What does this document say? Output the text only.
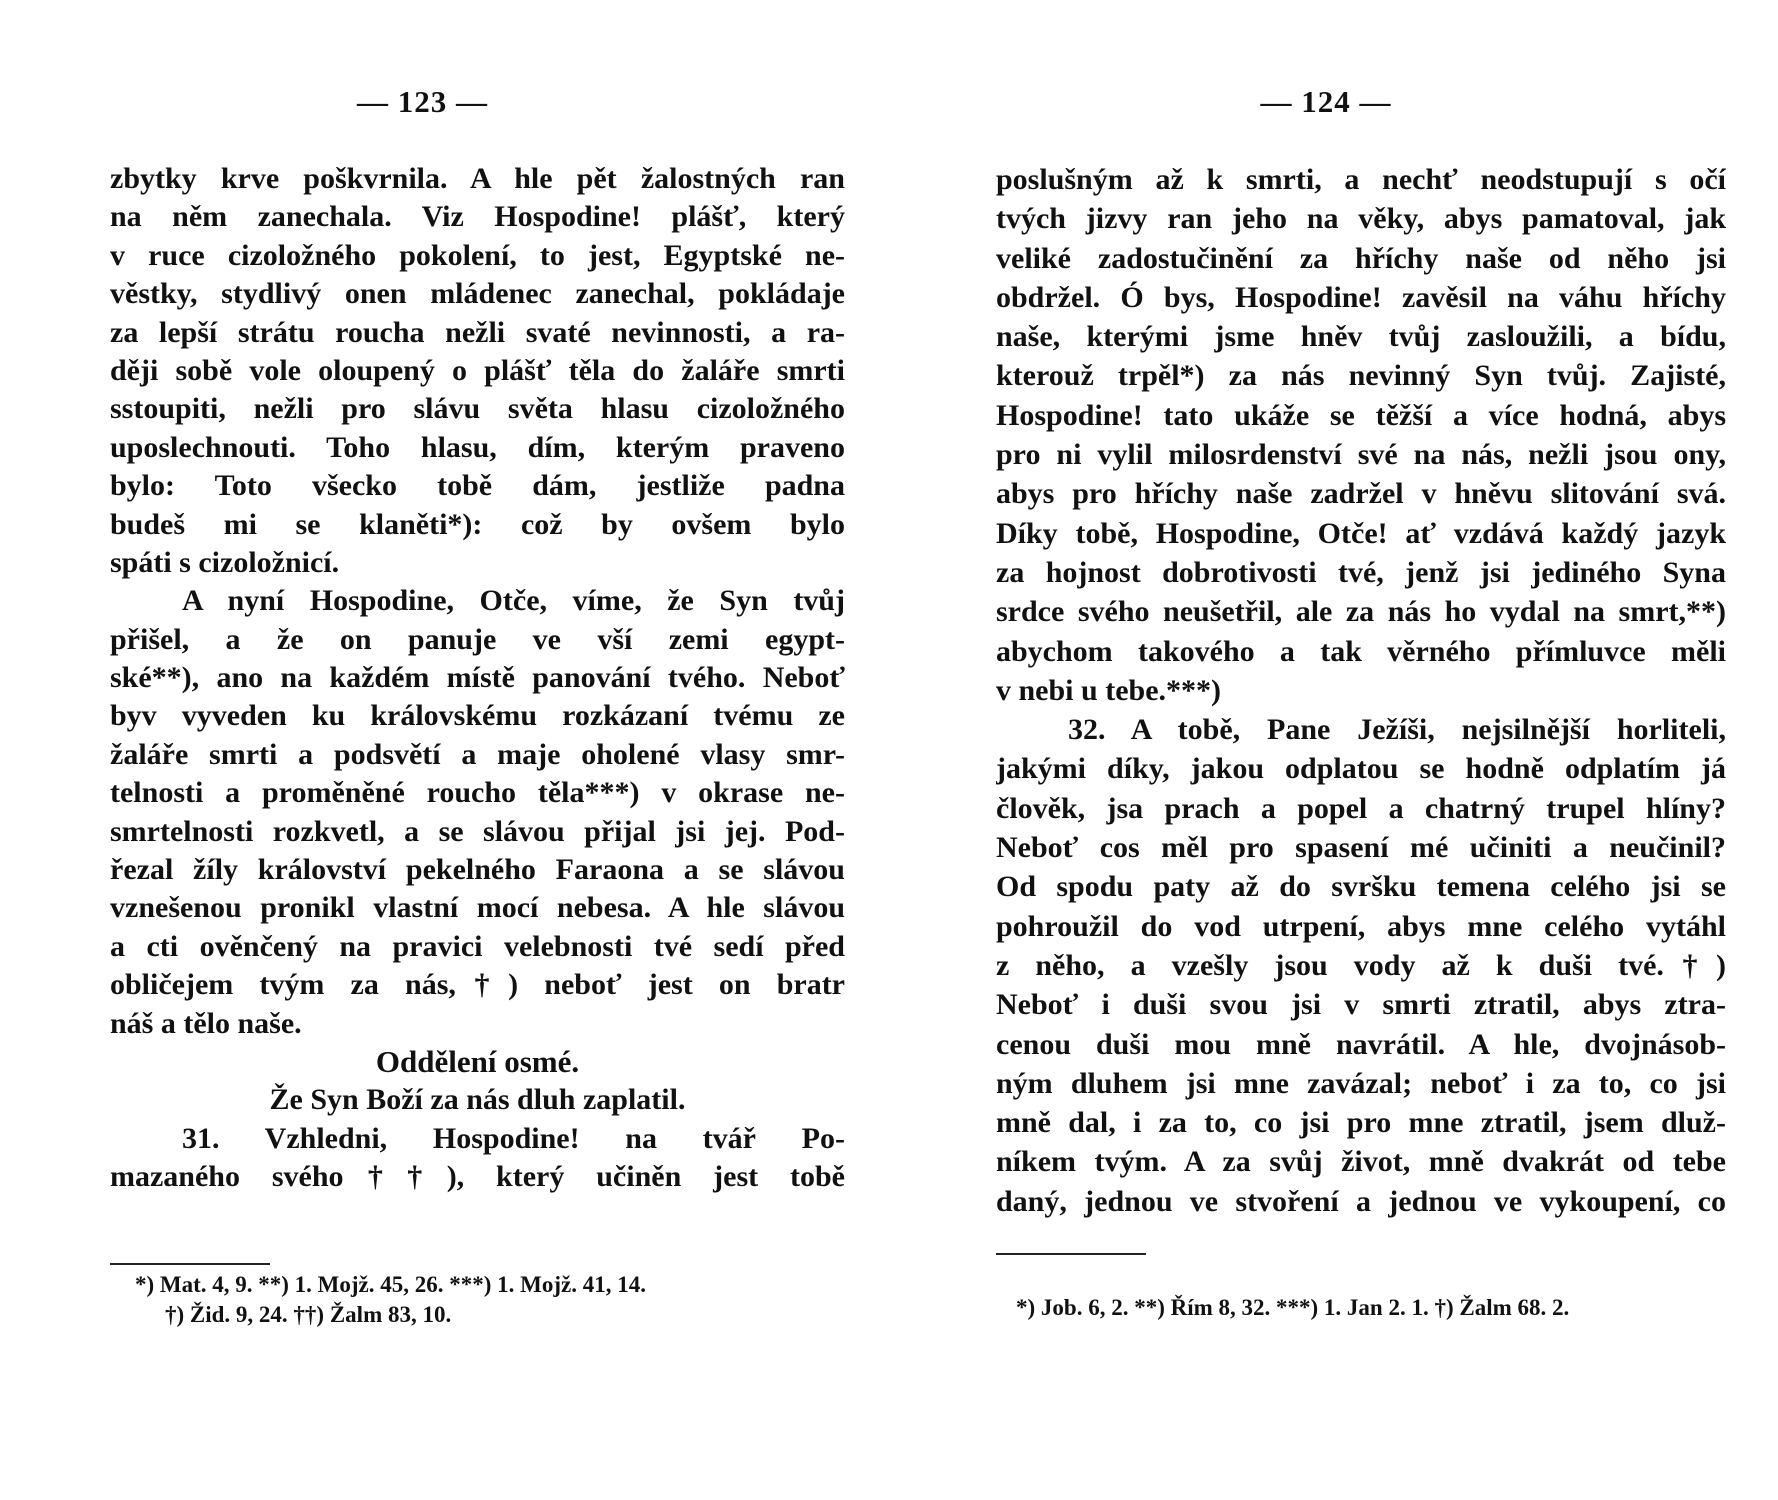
— 123 —
zbytky krve poškvrnila. A hle pět žalostných ran
na něm zanechala. Viz Hospodine! plášť, který
v ruce cizoložného pokolení, to jest, Egyptské ne-
věstky, stydlivý onen mládenec zanechal, pokládaje
za lepší strátu roucha nežli svaté nevinnosti, a ra-
ději sobě vole oloupený o plášť těla do žaláře smrti
sstoupiti, nežli pro slávu světa hlasu cizoložného
uposlechnouti. Toho hlasu, dím, kterým praveno
bylo: Toto všecko tobě dám, jestliže padna
budeš mi se klaněti*): což by ovšem bylo
spáti s cizoložnicí.
A nyní Hospodine, Otče, víme, že Syn tvůj
přišel, a že on panuje ve vší zemi egypt-
ské**), ano na každém místě panování tvého. Neboť
byv vyveden ku královskému rozkázaní tvému ze
žaláře smrti a podsvětí a maje oholené vlasy smr-
telnosti a proměněné roucho těla***) v okrase ne-
smrtelnosti rozkvetl, a se slávou přijal jsi jej. Pod-
řezal žíly království pekelného Faraona a se slávou
vznešenou pronikl vlastní mocí nebesa. A hle slávou
a cti ověnčený na pravici velebnosti tvé sedí před
obličejem tvým za nás,†) neboť jest on bratr
náš a tělo naše.
Oddělení osmé.
Že Syn Boží za nás dluh zaplatil.
31. Vzhledni, Hospodine! na tvář Po-
mazaného svého††), který učiněn jest tobě
*) Mat. 4, 9. **) 1. Mojž. 45, 26. ***) 1. Mojž. 41, 14.
†) Žid. 9, 24. ††) Žalm 83, 10.
— 124 —
poslušným až k smrti, a nechť neodstupují s očí
tvých jizvy ran jeho na věky, abys pamatoval, jak
veliké zadostučinění za hříchy naše od něho jsi
obdržel. Ó bys, Hospodine! zavěsil na váhu hříchy
naše, kterými jsme hněv tvůj zasloužili, a bídu,
kterouž trpěl*) za nás nevinný Syn tvůj. Zajisté,
Hospodine! tato ukáže se těžší a více hodná, abys
pro ni vylil milosrdenství své na nás, nežli jsou ony,
abys pro hříchy naše zadržel v hněvu slitování svá.
Díky tobě, Hospodine, Otče! ať vzdává každý jazyk
za hojnost dobrotivosti tvé, jenž jsi jediného Syna
srdce svého neušetřil, ale za nás ho vydal na smrt,**)
abychom takového a tak věrného přímluvce měli
v nebi u tebe.***)
32. A tobě, Pane Ježíši, nejsilnější horliteli,
jakými díky, jakou odplatou se hodně odplatím já
člověk, jsa prach a popel a chatrný trupel hlíny?
Neboť cos měl pro spasení mé učiniti a neučinil?
Od spodu paty až do svršku temena celého jsi se
pohroužil do vod utrpení, abys mne celého vytáhl
z něho, a vzešly jsou vody až k duši tvé.†)
Neboť i duši svou jsi v smrti ztratil, abys ztra-
cenou duši mou mně navrátil. A hle, dvojnásob-
ným dluhem jsi mne zavázal; neboť i za to, co jsi
mně dal, i za to, co jsi pro mne ztratil, jsem dluž-
níkem tvým. A za svůj život, mně dvakrát od tebe
daný, jednou ve stvoření a jednou ve vykoupení, co
*) Job. 6, 2. **) Řím 8, 32. ***) 1. Jan 2. 1. †) Žalm 68. 2.
